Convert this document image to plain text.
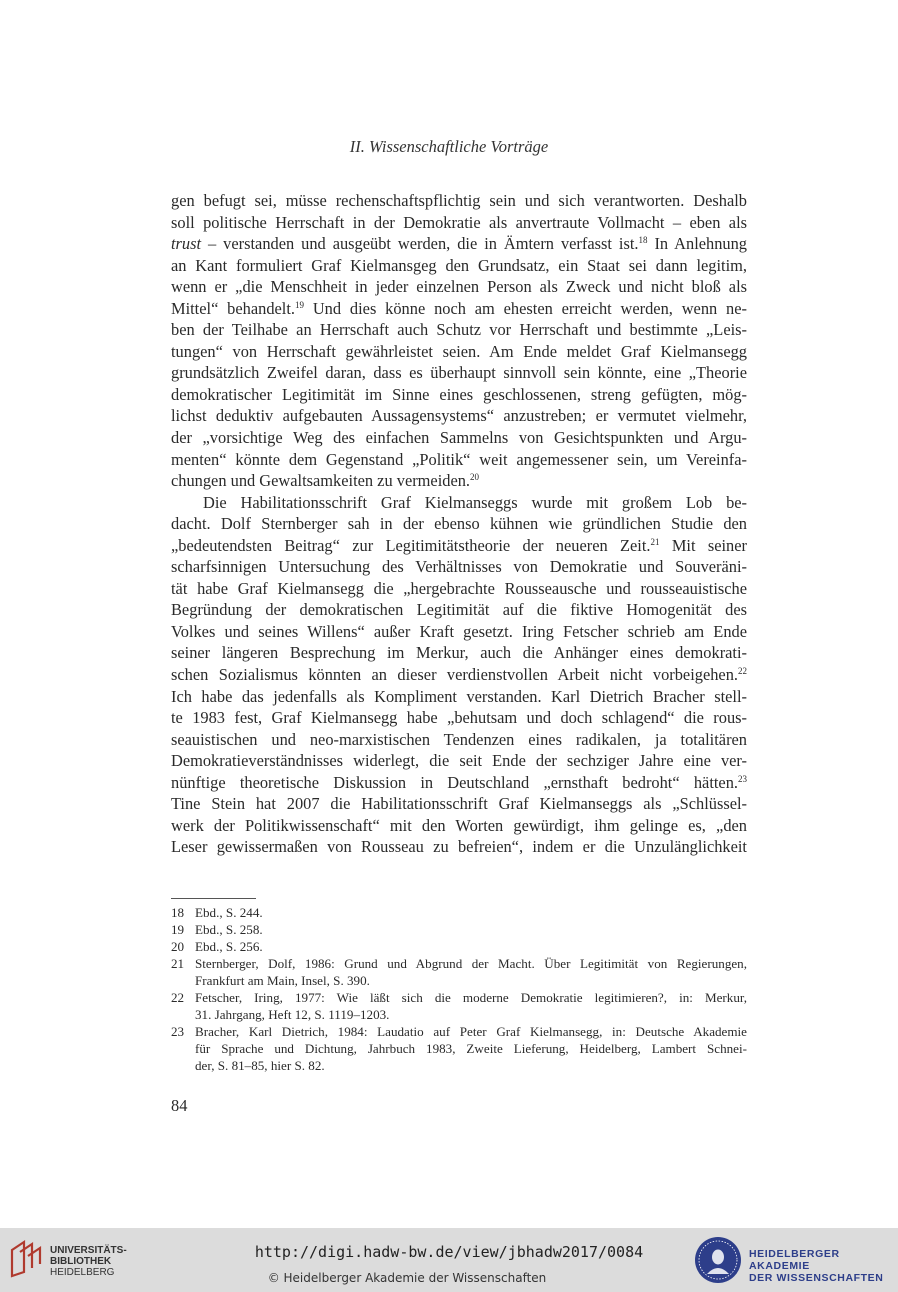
II. Wissenschaftliche Vorträge
gen befugt sei, müsse rechenschaftspflichtig sein und sich verantworten. Deshalb
soll politische Herrschaft in der Demokratie als anvertraute Vollmacht – eben als
trust – verstanden und ausgeübt werden, die in Ämtern verfasst ist.$^{18}$ In Anlehnung
an Kant formuliert Graf Kielmansgeg den Grundsatz, ein Staat sei dann legitim,
wenn er „die Menschheit in jeder einzelnen Person als Zweck und nicht bloß als
Mittel“ behandelt.$^{19}$ Und dies könne noch am ehesten erreicht werden, wenn ne-
ben der Teilhabe an Herrschaft auch Schutz vor Herrschaft und bestimmte „Leis-
tungen“ von Herrschaft gewährleistet seien. Am Ende meldet Graf Kielmansegg
grundsätzlich Zweifel daran, dass es überhaupt sinnvoll sein könnte, eine „Theorie
demokratischer Legitimität im Sinne eines geschlossenen, streng gefügten, mög-
lichst deduktiv aufgebauten Aussagensystems“ anzustreben; er vermutet vielmehr,
der „vorsichtige Weg des einfachen Sammelns von Gesichtspunkten und Argu-
menten“ könnte dem Gegenstand „Politik“ weit angemessener sein, um Vereinfa-
chungen und Gewaltsamkeiten zu vermeiden.$^{20}$
Die Habilitationsschrift Graf Kielmanseggs wurde mit großem Lob be-
dacht. Dolf Sternberger sah in der ebenso kühnen wie gründlichen Studie den
„bedeutendsten Beitrag“ zur Legitimitätstheorie der neueren Zeit.$^{21}$ Mit seiner
scharfsinnigen Untersuchung des Verhältnisses von Demokratie und Souveräni-
tät habe Graf Kielmansegg die „hergebrachte Rousseausche und rousseauistische
Begründung der demokratischen Legitimität auf die fiktive Homogenität des
Volkes und seines Willens“ außer Kraft gesetzt. Iring Fetscher schrieb am Ende
seiner längeren Besprechung im Merkur, auch die Anhänger eines demokrati-
schen Sozialismus könnten an dieser verdienstvollen Arbeit nicht vorbeigehen.$^{22}$
Ich habe das jedenfalls als Kompliment verstanden. Karl Dietrich Bracher stell-
te 1983 fest, Graf Kielmansegg habe „behutsam und doch schlagend“ die rous-
seauistischen und neo-marxistischen Tendenzen eines radikalen, ja totalitären
Demokratieverständnisses widerlegt, die seit Ende der sechziger Jahre eine ver-
nünftige theoretische Diskussion in Deutschland „ernsthaft bedroht“ hätten.$^{23}$
Tine Stein hat 2007 die Habilitationsschrift Graf Kielmanseggs als „Schlüssel-
werk der Politikwissenschaft“ mit den Worten gewürdigt, ihm gelinge es, „den
Leser gewissermaßen von Rousseau zu befreien“, indem er die Unzulänglichkeit
18 Ebd., S. 244.
19 Ebd., S. 258.
20 Ebd., S. 256.
21 Sternberger, Dolf, 1986: Grund und Abgrund der Macht. Über Legitimität von Regierungen,
Frankfurt am Main, Insel, S. 390.
22 Fetscher, Iring, 1977: Wie läßt sich die moderne Demokratie legitimieren?, in: Merkur,
31. Jahrgang, Heft 12, S. 1119–1203.
23 Bracher, Karl Dietrich, 1984: Laudatio auf Peter Graf Kielmansegg, in: Deutsche Akademie
für Sprache und Dichtung, Jahrbuch 1983, Zweite Lieferung, Heidelberg, Lambert Schnei-
der, S. 81–85, hier S. 82.
84
UNIVERSITÄTS-
BIBLIOTHEK
HEIDELBERG
http://digi.hadw-bw.de/view/jbhadw2017/0084
© Heidelberger Akademie der Wissenschaften
HEIDELBERGER AKADEMIE
DER WISSENSCHAFTEN
